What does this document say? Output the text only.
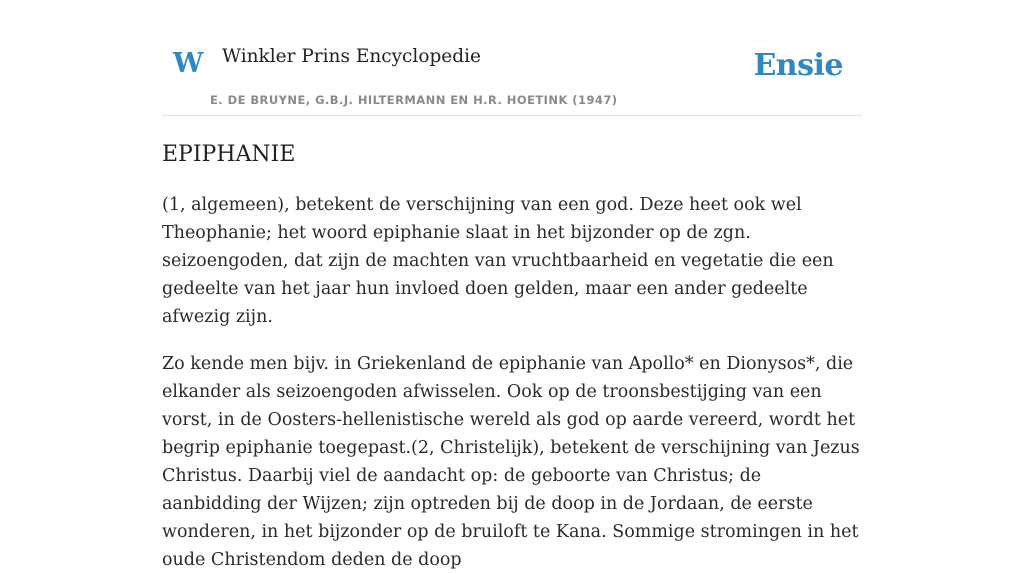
W Winkler Prins Encyclopedie
E. DE BRUYNE, G.B.J. HILTERMANN EN H.R. HOETINK (1947)
Ensie
EPIPHANIE

(1, algemeen), betekent de verschijning van een god. Deze heet ook wel Theophanie; het woord epiphanie slaat in het bijzonder op de zgn. seizoengoden, dat zijn de machten van vruchtbaarheid en vegetatie die een gedeelte van het jaar hun invloed doen gelden, maar een ander gedeelte afwezig zijn.

Zo kende men bijv. in Griekenland de epiphanie van Apollo* en Dionysos*, die elkander als seizoengoden afwisselen. Ook op de troonsbestijging van een vorst, in de Oosters-hellenistische wereld als god op aarde vereerd, wordt het begrip epiphanie toegepast.(2, Christelijk), betekent de verschijning van Jezus Christus. Daarbij viel de aandacht op: de geboorte van Christus; de aanbidding der Wijzen; zijn optreden bij de doop in de Jordaan, de eerste wonderen, in het bijzonder op de bruiloft te Kana. Sommige stromingen in het oude Christendom deden de doop
